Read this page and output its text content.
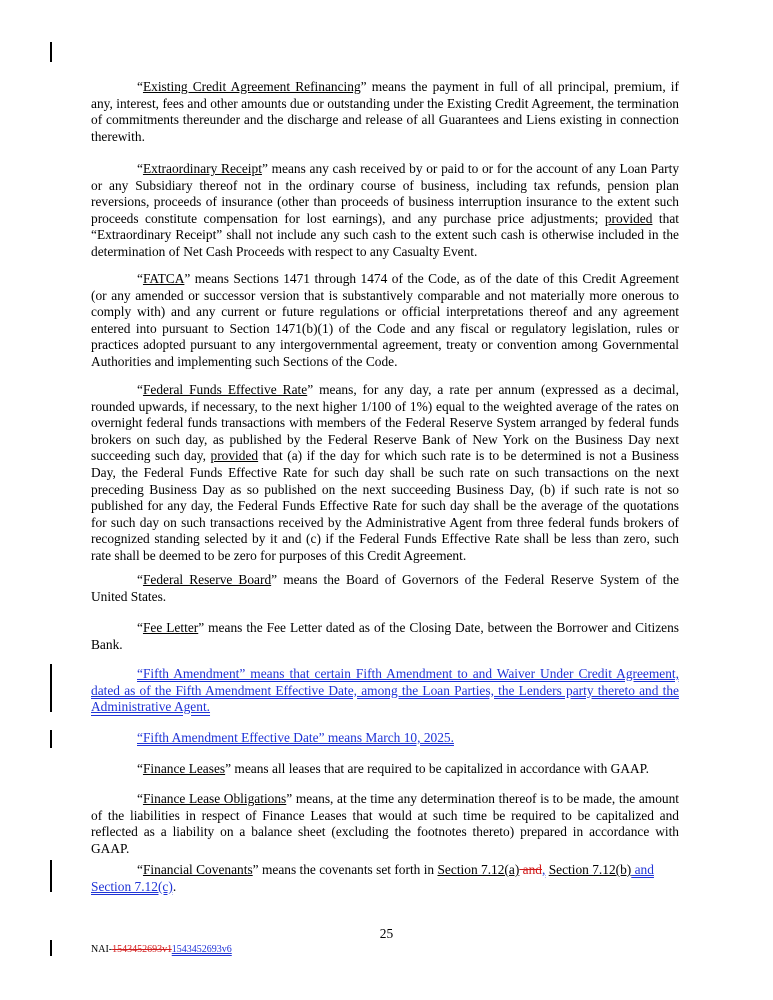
“Existing Credit Agreement Refinancing” means the payment in full of all principal, premium, if any, interest, fees and other amounts due or outstanding under the Existing Credit Agreement, the termination of commitments thereunder and the discharge and release of all Guarantees and Liens existing in connection therewith.

“Extraordinary Receipt” means any cash received by or paid to or for the account of any Loan Party or any Subsidiary thereof not in the ordinary course of business, including tax refunds, pension plan reversions, proceeds of insurance (other than proceeds of business interruption insurance to the extent such proceeds constitute compensation for lost earnings), and any purchase price adjustments; provided that “Extraordinary Receipt” shall not include any such cash to the extent such cash is otherwise included in the determination of Net Cash Proceeds with respect to any Casualty Event.

“FATCA” means Sections 1471 through 1474 of the Code, as of the date of this Credit Agreement (or any amended or successor version that is substantively comparable and not materially more onerous to comply with) and any current or future regulations or official interpretations thereof and any agreement entered into pursuant to Section 1471(b)(1) of the Code and any fiscal or regulatory legislation, rules or practices adopted pursuant to any intergovernmental agreement, treaty or convention among Governmental Authorities and implementing such Sections of the Code.

“Federal Funds Effective Rate” means, for any day, a rate per annum (expressed as a decimal, rounded upwards, if necessary, to the next higher 1/100 of 1%) equal to the weighted average of the rates on overnight federal funds transactions with members of the Federal Reserve System arranged by federal funds brokers on such day, as published by the Federal Reserve Bank of New York on the Business Day next succeeding such day, provided that (a) if the day for which such rate is to be determined is not a Business Day, the Federal Funds Effective Rate for such day shall be such rate on such transactions on the next preceding Business Day as so published on the next succeeding Business Day, (b) if such rate is not so published for any day, the Federal Funds Effective Rate for such day shall be the average of the quotations for such day on such transactions received by the Administrative Agent from three federal funds brokers of recognized standing selected by it and (c) if the Federal Funds Effective Rate shall be less than zero, such rate shall be deemed to be zero for purposes of this Credit Agreement.

“Federal Reserve Board” means the Board of Governors of the Federal Reserve System of the United States.

“Fee Letter” means the Fee Letter dated as of the Closing Date, between the Borrower and Citizens Bank.

“Fifth Amendment” means that certain Fifth Amendment to and Waiver Under Credit Agreement, dated as of the Fifth Amendment Effective Date, among the Loan Parties, the Lenders party thereto and the Administrative Agent.

“Fifth Amendment Effective Date” means March 10, 2025.

“Finance Leases” means all leases that are required to be capitalized in accordance with GAAP.

“Finance Lease Obligations” means, at the time any determination thereof is to be made, the amount of the liabilities in respect of Finance Leases that would at such time be required to be capitalized and reflected as a liability on a balance sheet (excluding the footnotes thereto) prepared in accordance with GAAP.

“Financial Covenants” means the covenants set forth in Section 7.12(a) and, Section 7.12(b) and Section 7.12(c).

25
NAI-1543452693v11543452693v6
